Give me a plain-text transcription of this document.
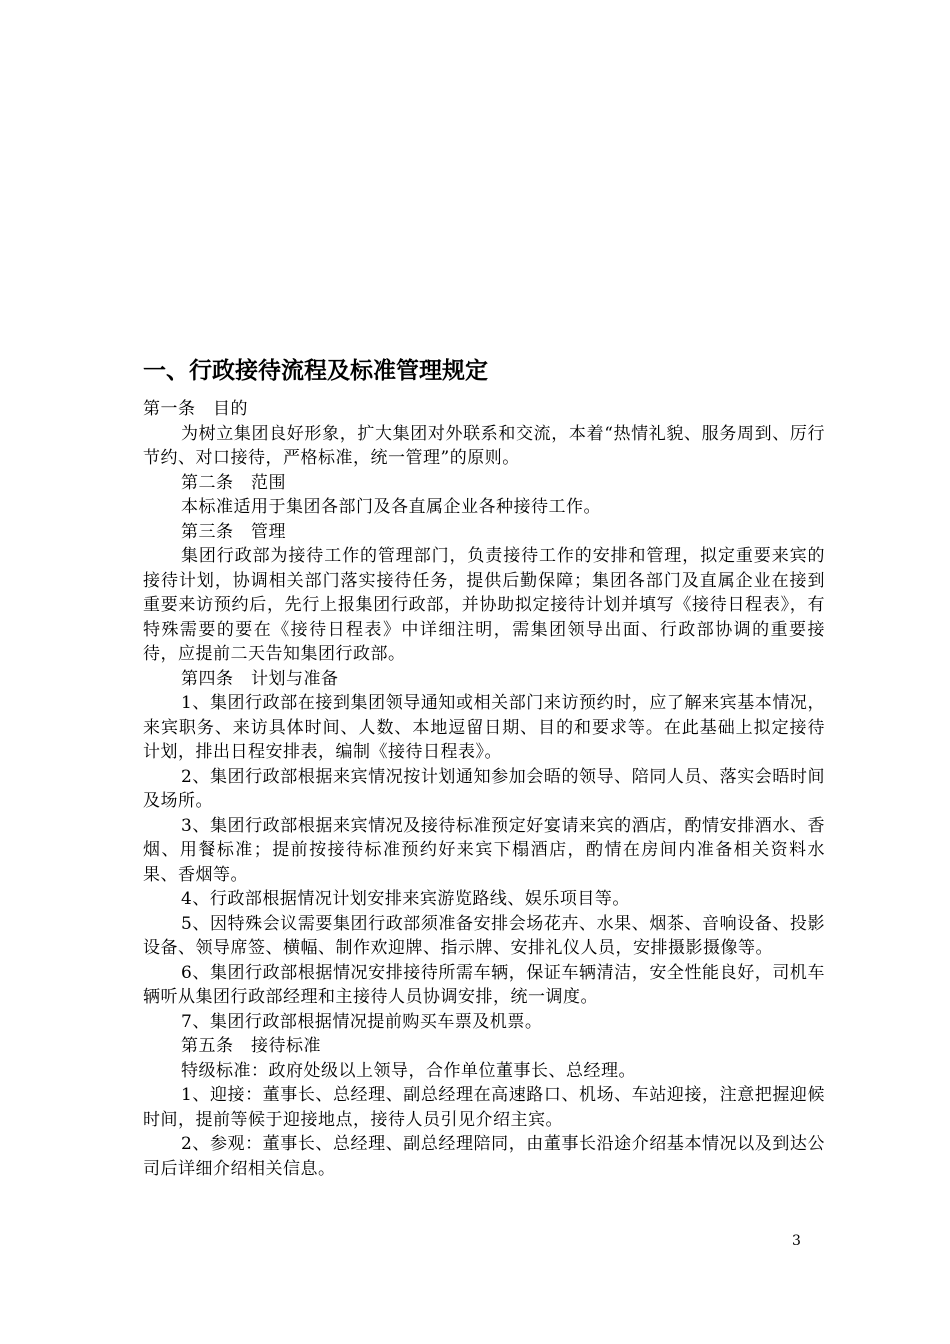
一、行政接待流程及标准管理规定

第一条　目的

为树立集团良好形象，扩大集团对外联系和交流，本着“热情礼貌、服务周到、厉行节约、对口接待，严格标准，统一管理”的原则。

第二条　范围

本标准适用于集团各部门及各直属企业各种接待工作。

第三条　管理

集团行政部为接待工作的管理部门，负责接待工作的安排和管理，拟定重要来宾的接待计划，协调相关部门落实接待任务，提供后勤保障；集团各部门及直属企业在接到重要来访预约后，先行上报集团行政部，并协助拟定接待计划并填写《接待日程表》，有特殊需要的要在《接待日程表》中详细注明，需集团领导出面、行政部协调的重要接待，应提前二天告知集团行政部。

第四条　计划与准备

1、集团行政部在接到集团领导通知或相关部门来访预约时，应了解来宾基本情况，来宾职务、来访具体时间、人数、本地逗留日期、目的和要求等。在此基础上拟定接待计划，排出日程安排表，编制《接待日程表》。

2、集团行政部根据来宾情况按计划通知参加会晤的领导、陪同人员、落实会晤时间及场所。

3、集团行政部根据来宾情况及接待标准预定好宴请来宾的酒店，酌情安排酒水、香烟、用餐标准；提前按接待标准预约好来宾下榻酒店，酌情在房间内准备相关资料水果、香烟等。

4、行政部根据情况计划安排来宾游览路线、娱乐项目等。

5、因特殊会议需要集团行政部须准备安排会场花卉、水果、烟茶、音响设备、投影设备、领导席签、横幅、制作欢迎牌、指示牌、安排礼仪人员，安排摄影摄像等。

6、集团行政部根据情况安排接待所需车辆，保证车辆清洁，安全性能良好，司机车辆听从集团行政部经理和主接待人员协调安排，统一调度。

7、集团行政部根据情况提前购买车票及机票。

第五条　接待标准

特级标准：政府处级以上领导，合作单位董事长、总经理。

1、迎接：董事长、总经理、副总经理在高速路口、机场、车站迎接，注意把握迎候时间，提前等候于迎接地点，接待人员引见介绍主宾。

2、参观：董事长、总经理、副总经理陪同，由董事长沿途介绍基本情况以及到达公司后详细介绍相关信息。

3
